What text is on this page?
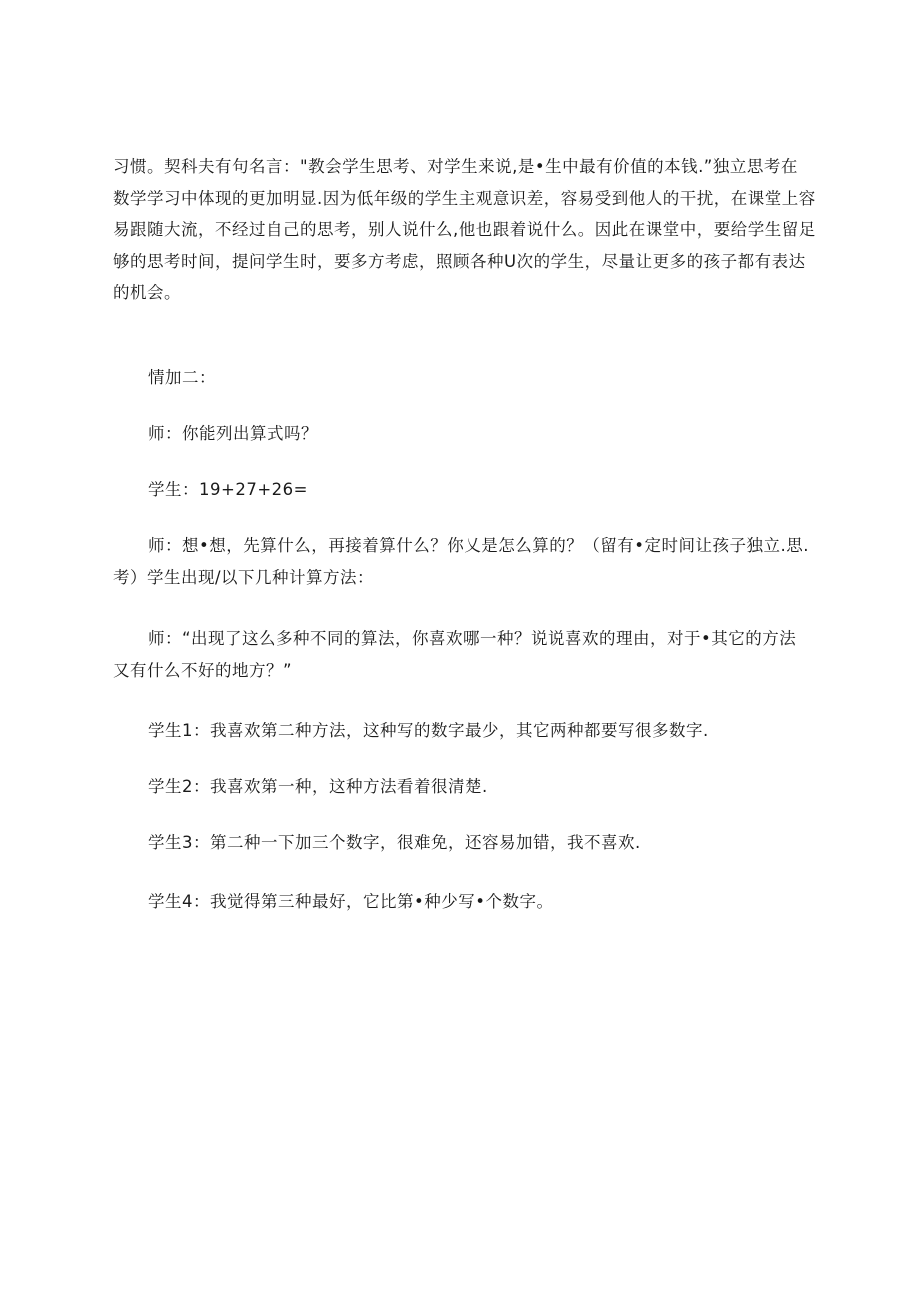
习惯。契科夫有句名言："教会学生思考、对学生来说,是•生中最有价值的本钱.”独立思考在
数学学习中体现的更加明显.因为低年级的学生主观意识差，容易受到他人的干扰，在课堂上容
易跟随大流，不经过自己的思考，别人说什么,他也跟着说什么。因此在课堂中，要给学生留足
够的思考时间，提问学生时，要多方考虑，照顾各种U次的学生，尽量让更多的孩子都有表达
的机会。

情加二：

师：你能列出算式吗？

学生：19+27+26=

师：想•想，先算什么，再接着算什么？你乂是怎么算的？（留有•定时间让孩子独立.思.
考）学生出现/以下几种计算方法：

师：“出现了这么多种不同的算法，你喜欢哪一种？说说喜欢的理由，对于•其它的方法
又有什么不好的地方？”

学生1：我喜欢第二种方法，这种写的数字最少，其它两种都要写很多数字.

学生2：我喜欢第一种，这种方法看着很清楚.

学生3：第二种一下加三个数字，很难免，还容易加错，我不喜欢.

学生4：我觉得第三种最好，它比第•种少写•个数字。
